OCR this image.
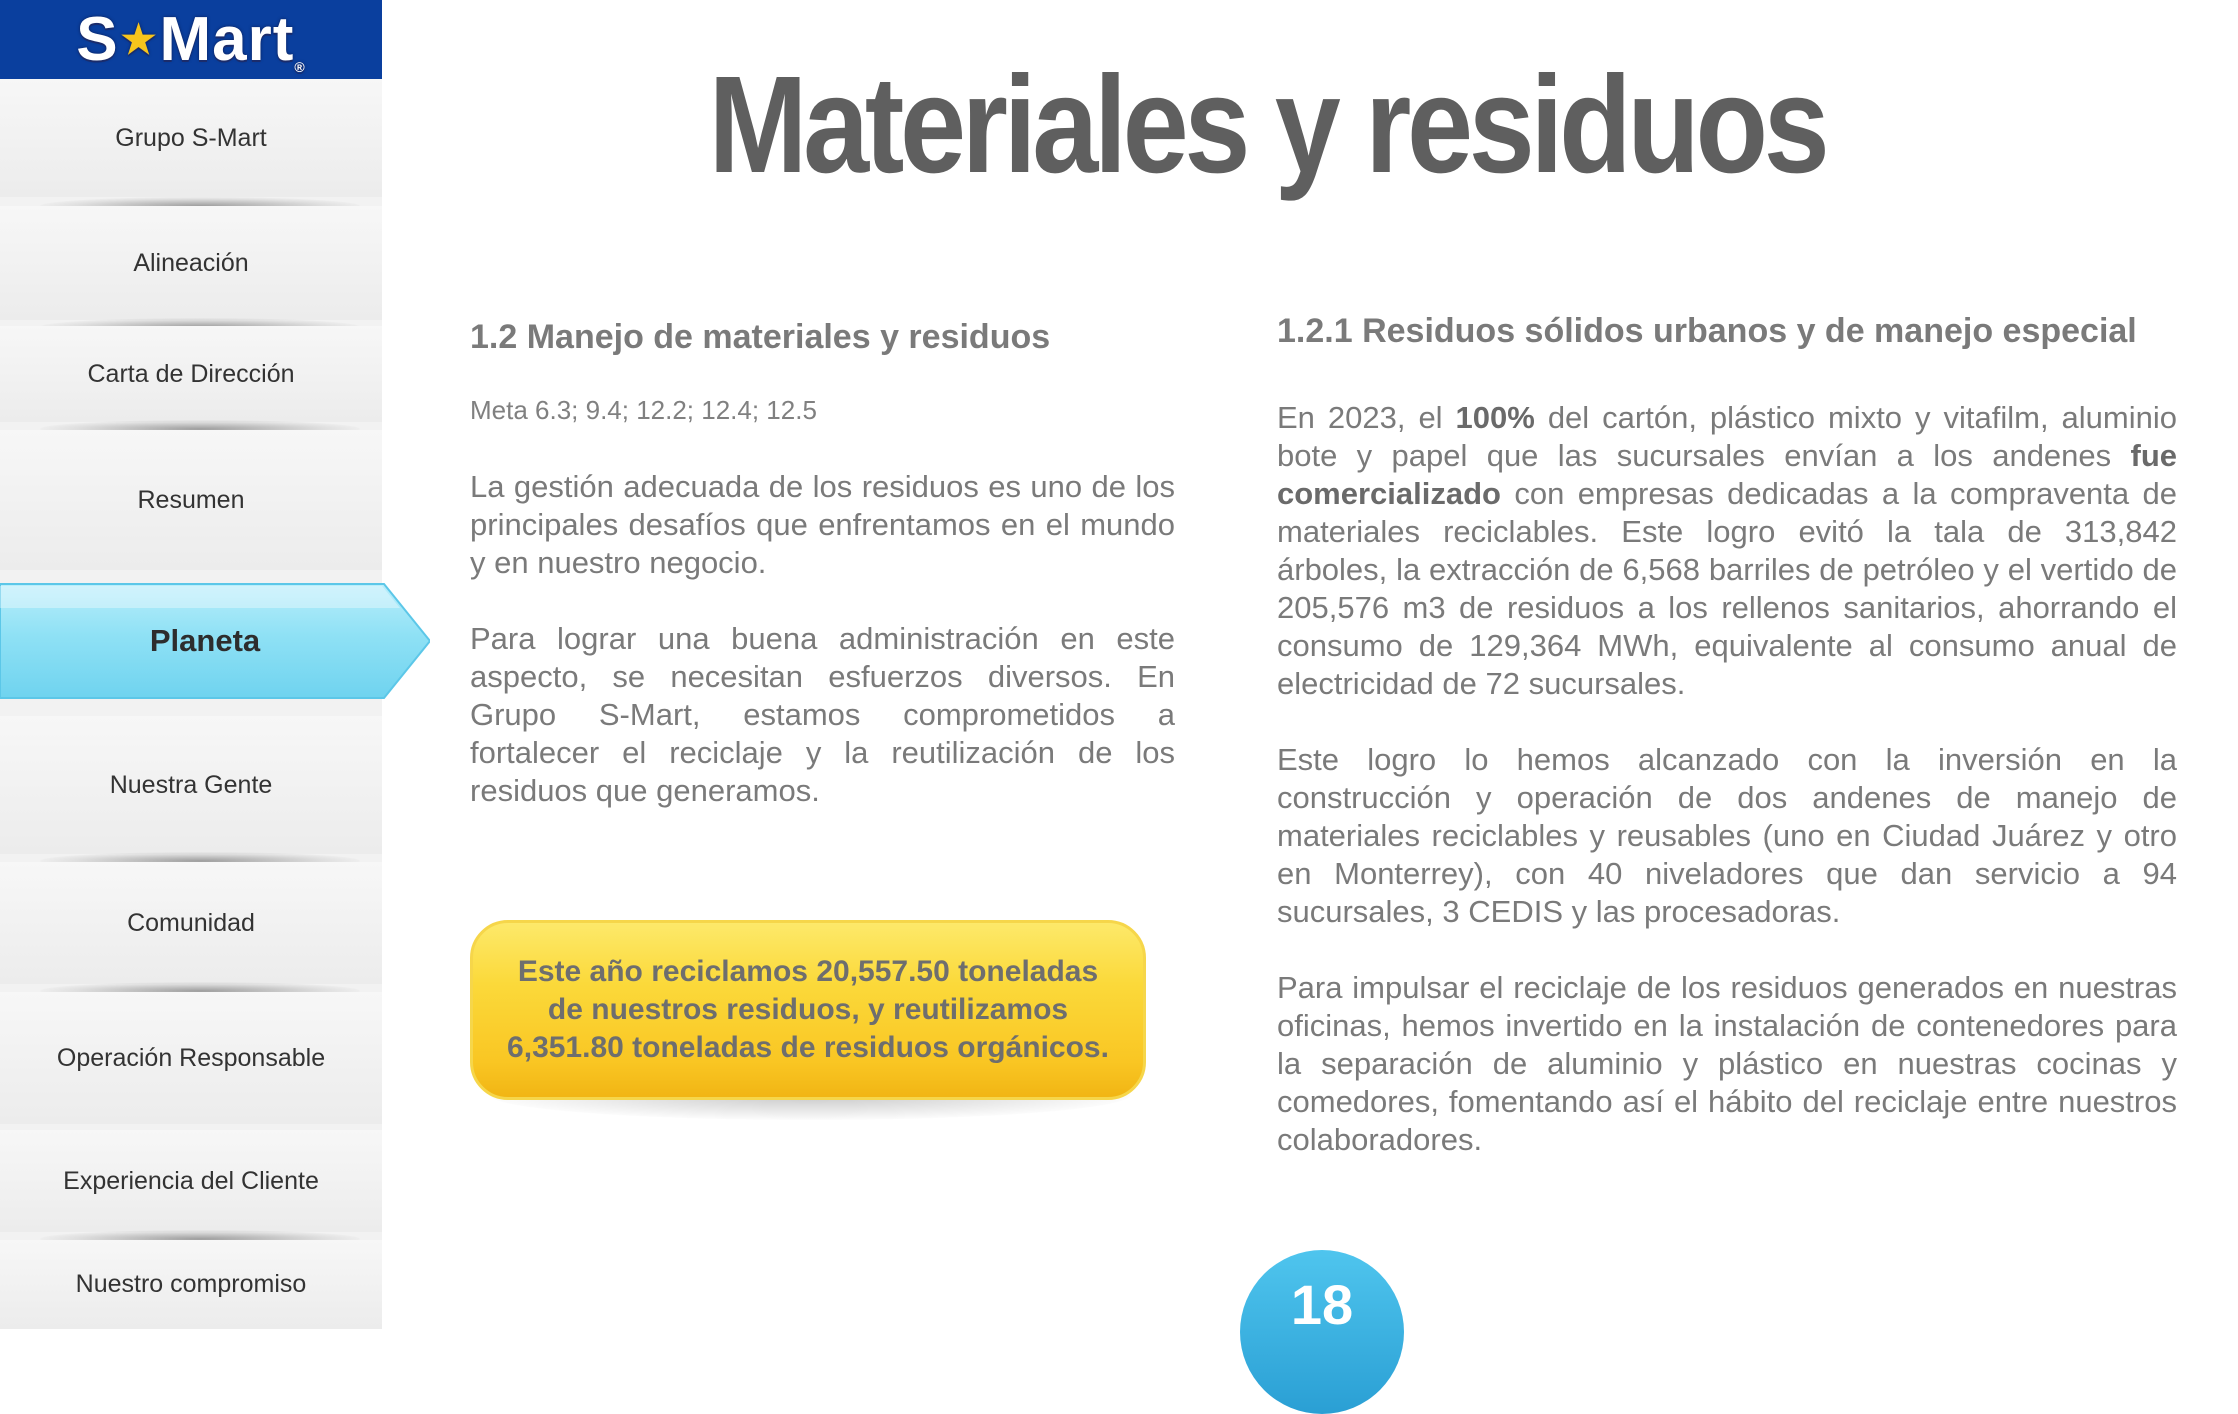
S★Mart®
Grupo S-Mart
Alineación
Carta de Dirección
Resumen
Planeta
Nuestra Gente
Comunidad
Operación Responsable
Experiencia del Cliente
Nuestro compromiso
Materiales y residuos
1.2 Manejo de materiales y residuos
Meta 6.3; 9.4; 12.2; 12.4; 12.5

La gestión adecuada de los residuos es uno de los principales desafíos que enfrentamos en el mundo y en nuestro negocio.

Para lograr una buena administración en este aspecto, se necesitan esfuerzos diversos. En Grupo S-Mart, estamos comprometidos a fortalecer el reciclaje y la reutilización de los residuos que generamos.

Este año reciclamos 20,557.50 toneladas
de nuestros residuos, y reutilizamos
6,351.80 toneladas de residuos orgánicos.
1.2.1 Residuos sólidos urbanos y de manejo especial

En 2023, el 100% del cartón, plástico mixto y vitafilm, aluminio bote y papel que las sucursales envían a los andenes fue comercializado con empresas dedicadas a la compraventa de materiales reciclables. Este logro evitó la tala de 313,842 árboles, la extracción de 6,568 barriles de petróleo y el vertido de 205,576 m3 de residuos a los rellenos sanitarios, ahorrando el consumo de 129,364 MWh, equivalente al consumo anual de electricidad de 72 sucursales.

Este logro lo hemos alcanzado con la inversión en la construcción y operación de dos andenes de manejo de materiales reciclables y reusables (uno en Ciudad Juárez y otro en Monterrey), con 40 niveladores que dan servicio a 94 sucursales, 3 CEDIS y las procesadoras.

Para impulsar el reciclaje de los residuos generados en nuestras oficinas, hemos invertido en la instalación de contenedores para la separación de aluminio y plástico en nuestras cocinas y comedores, fomentando así el hábito del reciclaje entre nuestros colaboradores.

18
